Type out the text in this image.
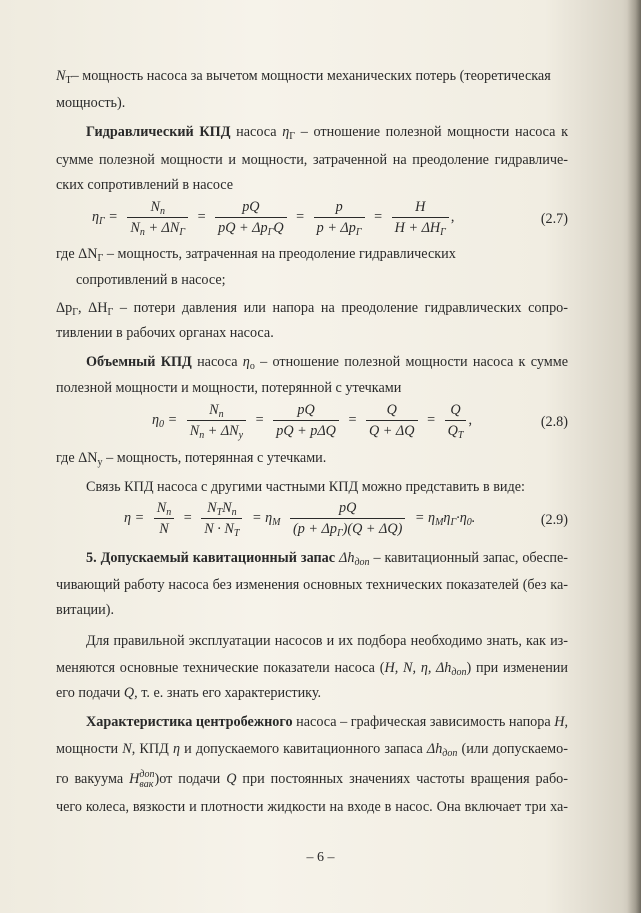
$N_Т-$ мощность насоса за вычетом мощности механических потерь (теоретическая
мощность).
Гидравлический КПД насоса $\eta_Г$ – отношение полезной мощности насоса к
сумме полезной мощности и мощности, затраченной на преодоление гидравличе-
ских сопротивлений в насосе
$\eta_Г = \frac{N_п}{N_п + \Delta N_Г} = \frac{pQ}{pQ + \Delta p_ГQ} = \frac{p}{p + \Delta p_Г} = \frac{H}{H + \Delta H_Г}$ ,	(2.7)
где $\Delta N_Г$ – мощность, затраченная на преодоление гидравлических
сопротивлений в насосе;
$\Delta p_Г$, $\Delta H_Г$ – потери давления или напора на преодоление гидравлических сопро-
тивлении в рабочих органах насоса.
Объемный КПД насоса $\eta_о$ – отношение полезной мощности насоса к сумме
полезной мощности и мощности, потерянной с утечками
$\eta_0 = \frac{N_п}{N_п + \Delta N_у} = \frac{pQ}{\text{pQ + pΔQ}} = \frac{Q}{Q + \Delta Q} = \frac{Q}{Q_Т}$ ,	(2.8)
где $\Delta N_у$ – мощность, потерянная с утечками.
Связь КПД насоса с другими частными КПД можно представить в виде:
$\eta = \frac{N_п}{N} = \frac{N_ТN_п}{N \cdot N_Т} = \eta_М \frac{pQ}{(p + \Delta p_Г)(Q + \Delta Q)} = \eta_М\eta_Г\cdot\eta_0$.	(2.9)
5. Допускаемый кавитационный запас $\Delta h_{доп}$ – кавитационный запас, обеспе-
чивающий работу насоса без изменения основных технических показателей (без ка-
витации).
Для правильной эксплуатации насосов и их подбора необходимо знать, как из-
меняются основные технические показатели насоса (H, N, η, $\Delta h_{доп}$) при изменении
его подачи Q, т. е. знать его характеристику.
Характеристика центробежного насоса – графическая зависимость напора H,
мощности N, КПД η и допускаемого кавитационного запаса $\Delta h_{доп}$ (или допускаемо-
го вакуума Hдоп
вак)от подачи Q при постоянных значениях частоты вращения рабо-
чего колеса, вязкости и плотности жидкости на входе в насос. Она включает три ха-
– 6 –
